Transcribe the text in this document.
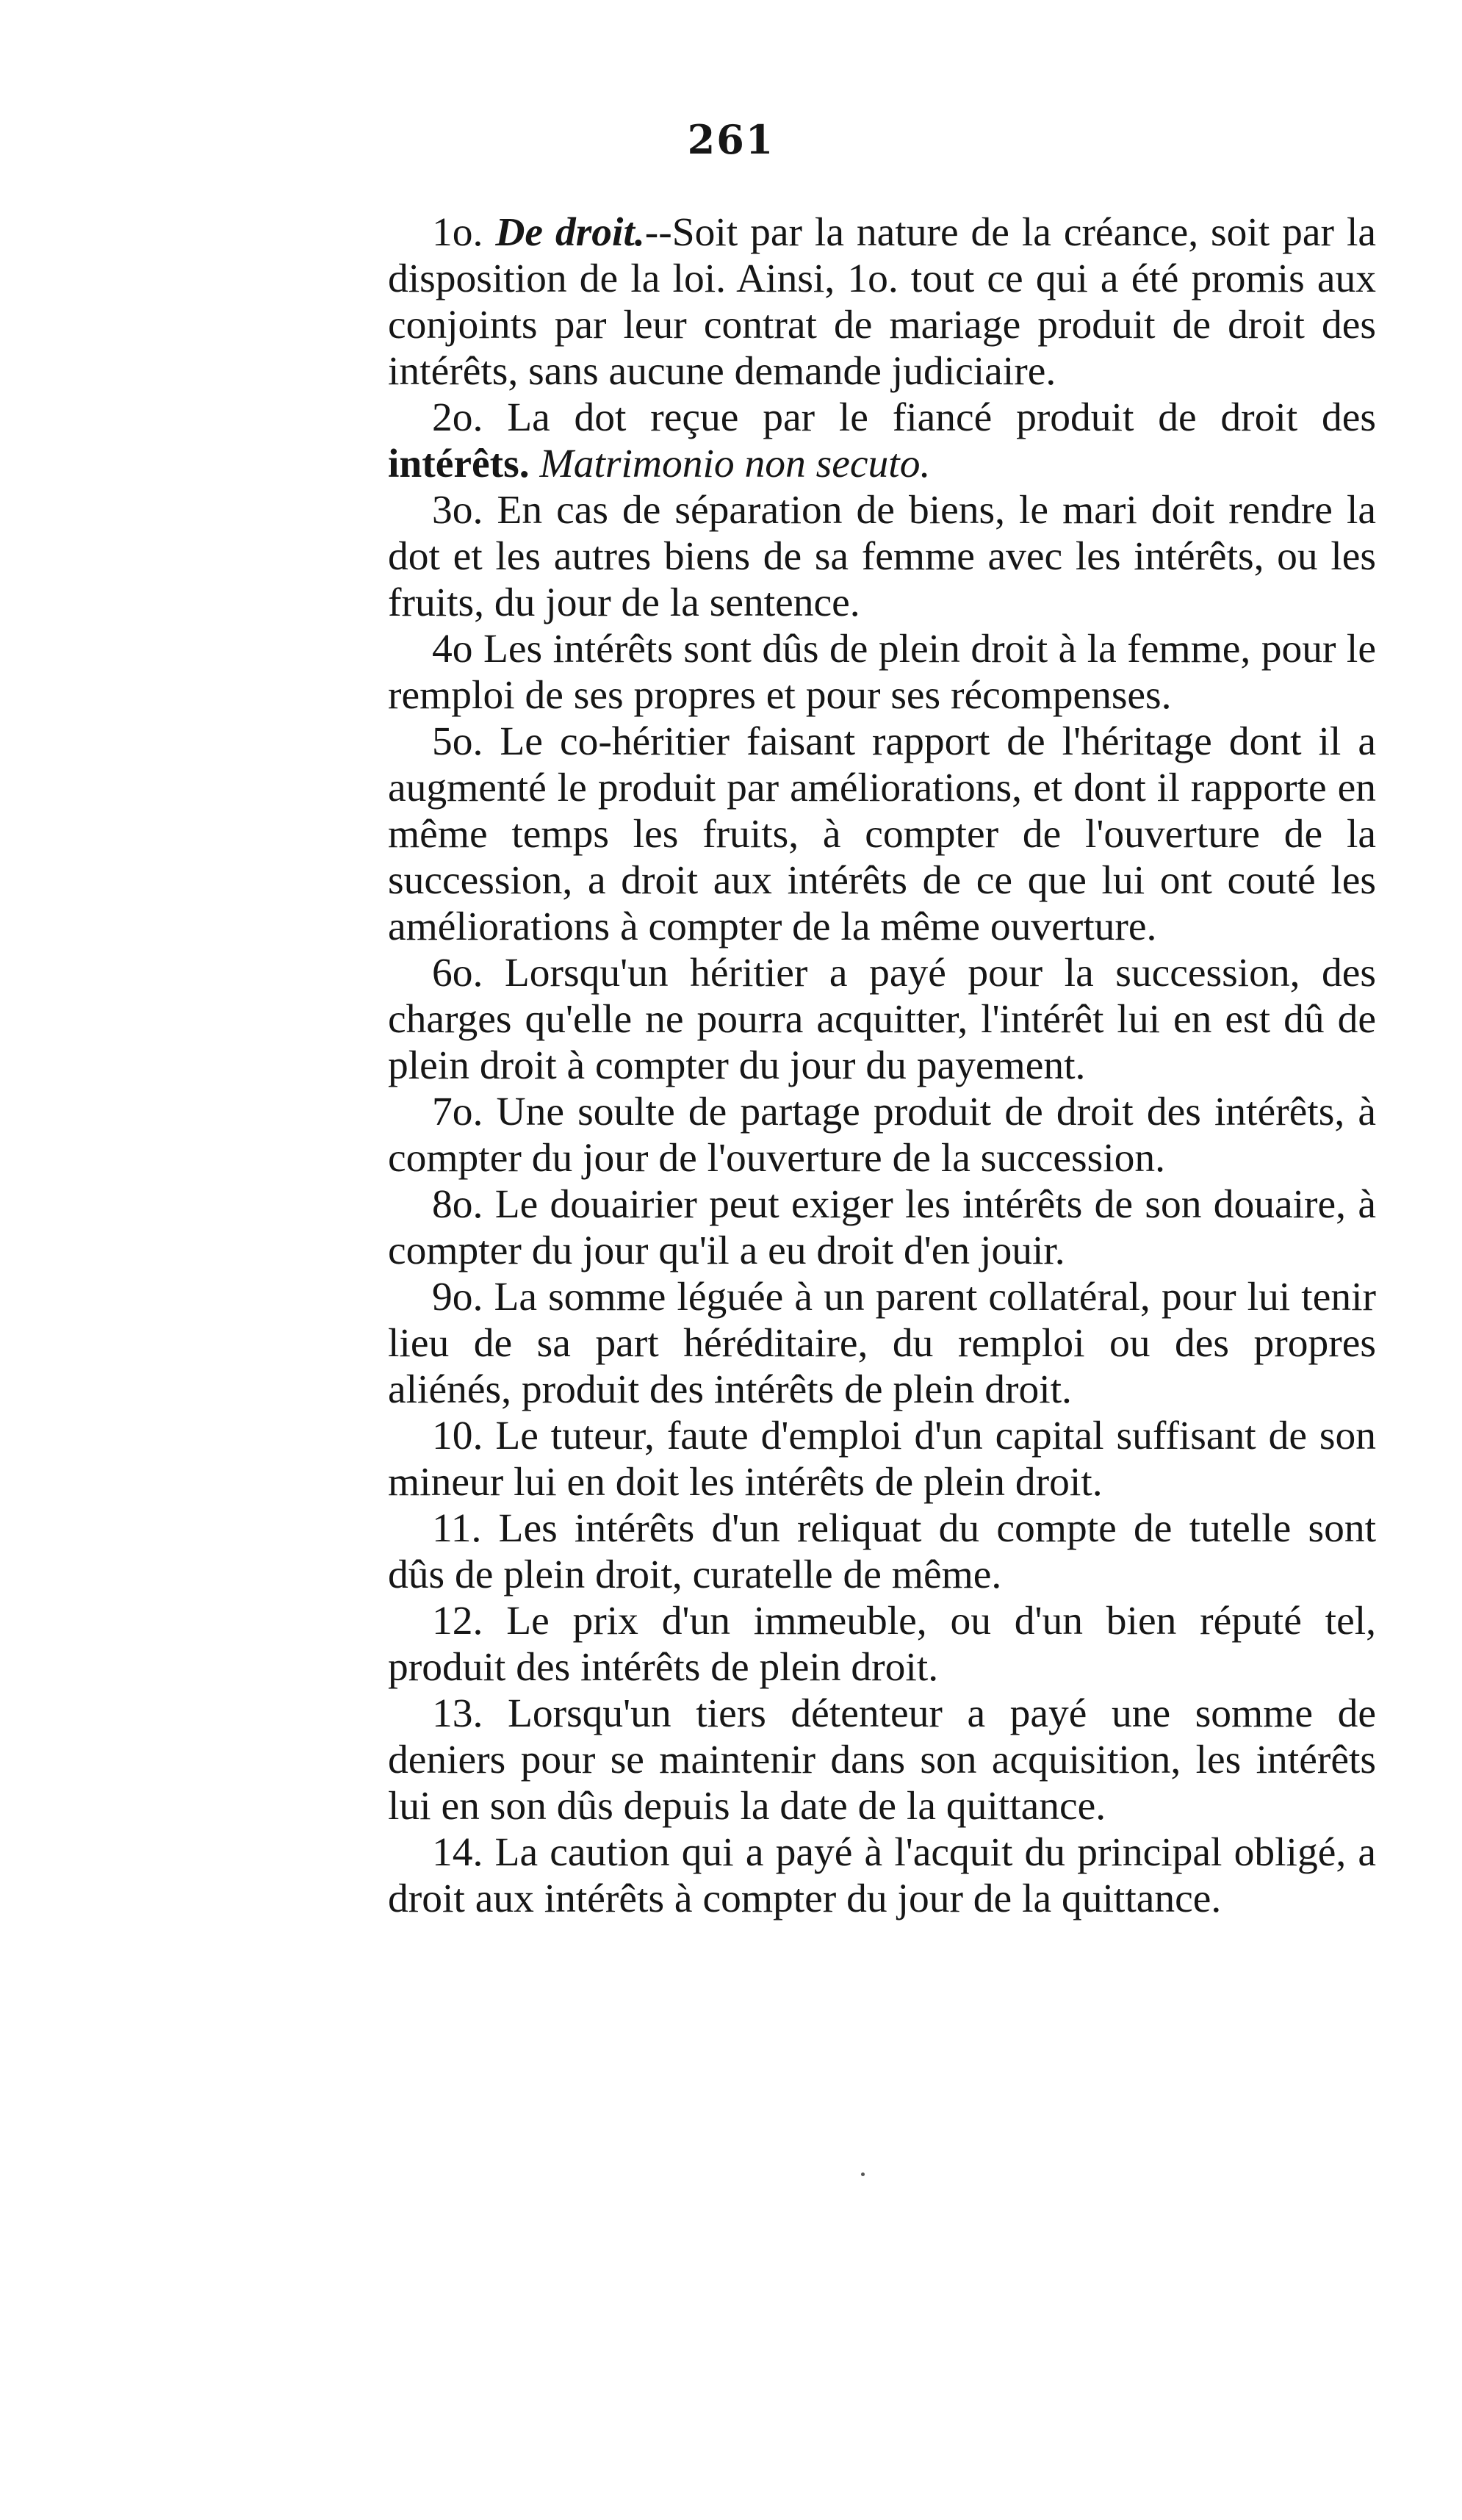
261

1o. De droit.--Soit par la nature de la créance, soit par la disposition de la loi. Ainsi, 1o. tout ce qui a été promis aux conjoints par leur contrat de mariage produit de droit des intérêts, sans aucune demande judiciaire.

2o. La dot reçue par le fiancé produit de droit des intérêts. Matrimonio non secuto.

3o. En cas de séparation de biens, le mari doit rendre la dot et les autres biens de sa femme avec les intérêts, ou les fruits, du jour de la sentence.

4o Les intérêts sont dûs de plein droit à la femme, pour le remploi de ses propres et pour ses récompenses.

5o. Le co-héritier faisant rapport de l'héritage dont il a augmenté le produit par améliorations, et dont il rapporte en même temps les fruits, à compter de l'ouverture de la succession, a droit aux intérêts de ce que lui ont couté les améliorations à compter de la même ouverture.

6o. Lorsqu'un héritier a payé pour la succession, des charges qu'elle ne pourra acquitter, l'intérêt lui en est dû de plein droit à compter du jour du payement.

7o. Une soulte de partage produit de droit des intérêts, à compter du jour de l'ouverture de la succession.

8o. Le douairier peut exiger les intérêts de son douaire, à compter du jour qu'il a eu droit d'en jouir.

9o. La somme léguée à un parent collatéral, pour lui tenir lieu de sa part héréditaire, du remploi ou des propres aliénés, produit des intérêts de plein droit.

10. Le tuteur, faute d'emploi d'un capital suffisant de son mineur lui en doit les intérêts de plein droit.

11. Les intérêts d'un reliquat du compte de tutelle sont dûs de plein droit, curatelle de même.

12. Le prix d'un immeuble, ou d'un bien réputé tel, produit des intérêts de plein droit.

13. Lorsqu'un tiers détenteur a payé une somme de deniers pour se maintenir dans son acquisition, les intérêts lui en son dûs depuis la date de la quittance.

14. La caution qui a payé à l'acquit du principal obligé, a droit aux intérêts à compter du jour de la quittance.
